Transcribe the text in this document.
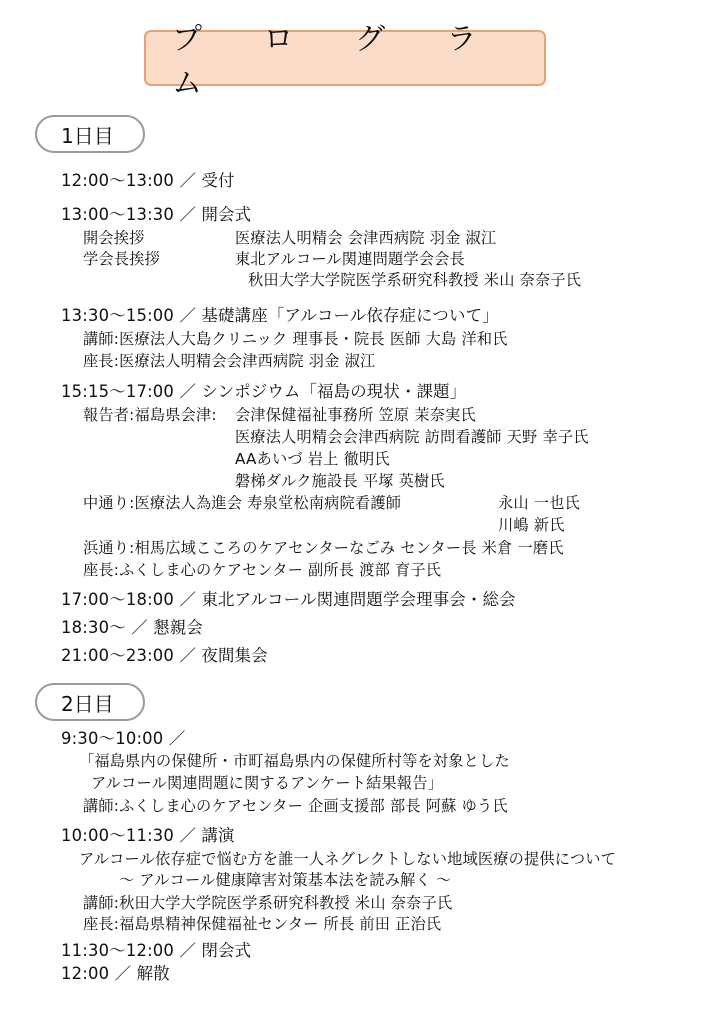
プ ロ グ ラ ム
1日目
12:00〜13:00 ／ 受付
13:00〜13:30 ／ 開会式
開会挨拶	医療法人明精会 会津西病院 羽金 淑江
学会長挨拶	東北アルコール関連問題学会会長
秋田大学大学院医学系研究科教授 米山 奈奈子氏
13:30〜15:00 ／ 基礎講座「アルコール依存症について」
講師:医療法人大島クリニック 理事長・院長 医師 大島 洋和氏
座長:医療法人明精会会津西病院 羽金 淑江
15:15〜17:00 ／ シンポジウム「福島の現状・課題」
報告者:福島県会津: 会津保健福祉事務所 笠原 茉奈実氏
医療法人明精会会津西病院 訪問看護師 天野 幸子氏
AAあいづ 岩上 徹明氏
磐梯ダルク施設長 平塚 英樹氏
中通り:医療法人為進会 寿泉堂松南病院看護師	永山 一也氏
川嶋 新氏
浜通り:相馬広域こころのケアセンターなごみ センター長 米倉 一磨氏
座長:ふくしま心のケアセンター 副所長 渡部 育子氏
17:00〜18:00 ／ 東北アルコール関連問題学会理事会・総会
18:30〜 ／ 懇親会
21:00〜23:00 ／ 夜間集会
2日目
9:30〜10:00 ／
「福島県内の保健所・市町福島県内の保健所村等を対象とした
アルコール関連問題に関するアンケート結果報告」
講師:ふくしま心のケアセンター 企画支援部 部長 阿蘇 ゆう氏
10:00〜11:30 ／ 講演
アルコール依存症で悩む方を誰一人ネグレクトしない地域医療の提供について
〜 アルコール健康障害対策基本法を読み解く 〜
講師:秋田大学大学院医学系研究科教授 米山 奈奈子氏
座長:福島県精神保健福祉センター 所長 前田 正治氏
11:30〜12:00 ／ 閉会式
12:00 ／ 解散
